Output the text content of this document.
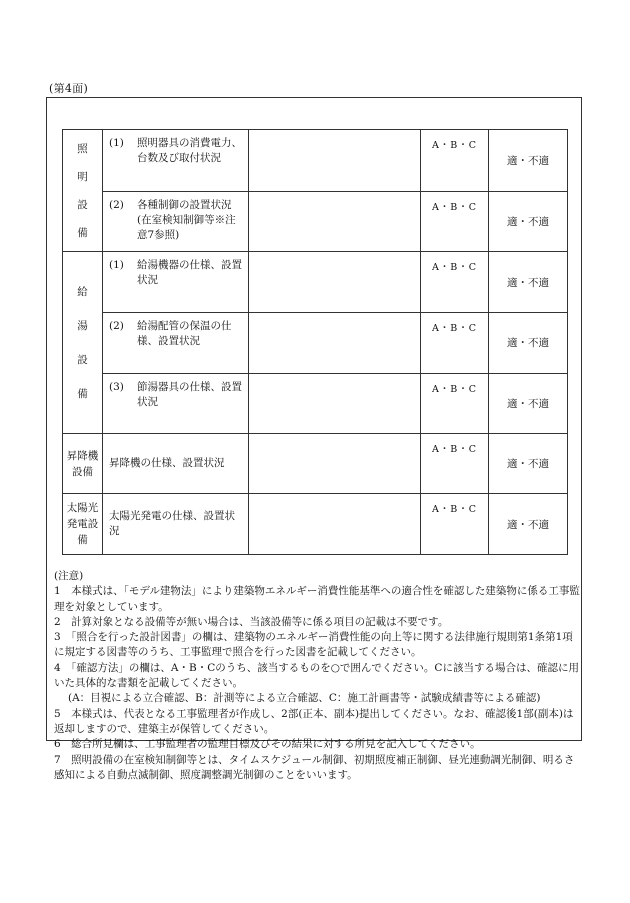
(第4面)
照
明
設
備	(1) 照明器具の消費電力、台数及び取付状況		A・B・C	適・不適

	(2) 各種制御の設置状況(在室検知制御等※注意7参照)		A・B・C	適・不適

給
湯
設
備	(1) 給湯機器の仕様、設置状況		A・B・C	適・不適

	(2) 給湯配管の保温の仕様、設置状況		A・B・C	適・不適

	(3) 節湯器具の仕様、設置状況		A・B・C	適・不適

昇降機
設備	昇降機の仕様、設置状況		A・B・C	適・不適

太陽光
発電設備	太陽光発電の仕様、設置状況		A・B・C	適・不適

(注意)

1　本様式は、「モデル建物法」により建築物エネルギー消費性能基準への適合性を確認した建築物に係る工事監理を対象としています。

2　計算対象となる設備等が無い場合は、当該設備等に係る項目の記載は不要です。

3　「照合を行った設計図書」の欄は、建築物のエネルギー消費性能の向上等に関する法律施行規則第1条第1項に規定する図書等のうち、工事監理で照合を行った図書を記載してください。

4　「確認方法」の欄は、A・B・Cのうち、該当するものを○で囲んでください。Cに該当する場合は、確認に用いた具体的な書類を記載してください。

(A：目視による立合確認、B：計測等による立合確認、C：施工計画書等・試験成績書等による確認)

5　本様式は、代表となる工事監理者が作成し、2部(正本、副本)提出してください。なお、確認後1部(副本)は返却しますので、建築主が保管してください。

6　総合所見欄は、工事監理者の監理目標及びその結果に対する所見を記入してください。

7　照明設備の在室検知制御等とは、タイムスケジュール制御、初期照度補正制御、昼光連動調光制御、明るさ感知による自動点滅制御、照度調整調光制御のことをいいます。
